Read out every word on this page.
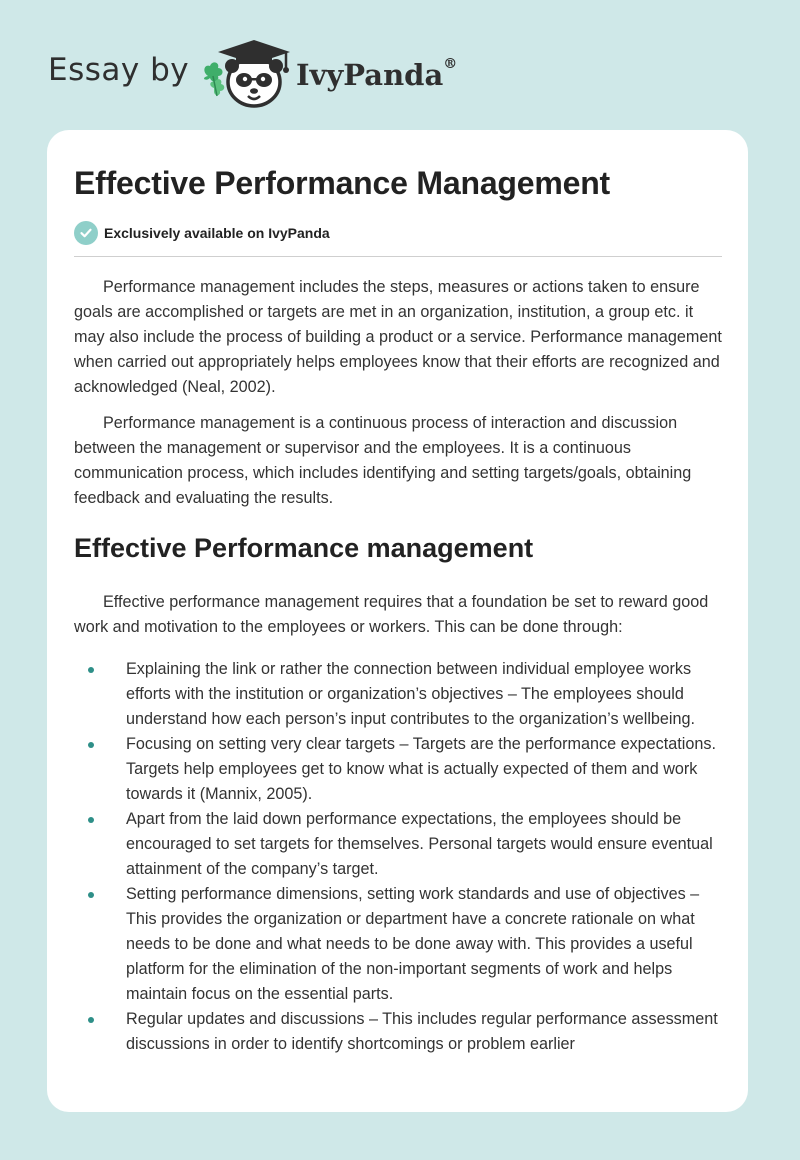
Essay by	IvyPanda®
Effective Performance Management
Exclusively available on IvyPanda

Performance management includes the steps, measures or actions taken to ensure goals are accomplished or targets are met in an organization, institution, a group etc. it may also include the process of building a product or a service. Performance management when carried out appropriately helps employees know that their efforts are recognized and acknowledged (Neal, 2002).

Performance management is a continuous process of interaction and discussion between the management or supervisor and the employees. It is a continuous communication process, which includes identifying and setting targets/goals, obtaining feedback and evaluating the results.

Effective Performance management

Effective performance management requires that a foundation be set to reward good work and motivation to the employees or workers. This can be done through:

Explaining the link or rather the connection between individual employee works efforts with the institution or organization’s objectives – The employees should understand how each person’s input contributes to the organization’s wellbeing.
Focusing on setting very clear targets – Targets are the performance expectations. Targets help employees get to know what is actually expected of them and work towards it (Mannix, 2005).
Apart from the laid down performance expectations, the employees should be encouraged to set targets for themselves. Personal targets would ensure eventual attainment of the company’s target.
Setting performance dimensions, setting work standards and use of objectives – This provides the organization or department have a concrete rationale on what needs to be done and what needs to be done away with. This provides a useful platform for the elimination of the non-important segments of work and helps maintain focus on the essential parts.
Regular updates and discussions – This includes regular performance assessment discussions in order to identify shortcomings or problem earlier
